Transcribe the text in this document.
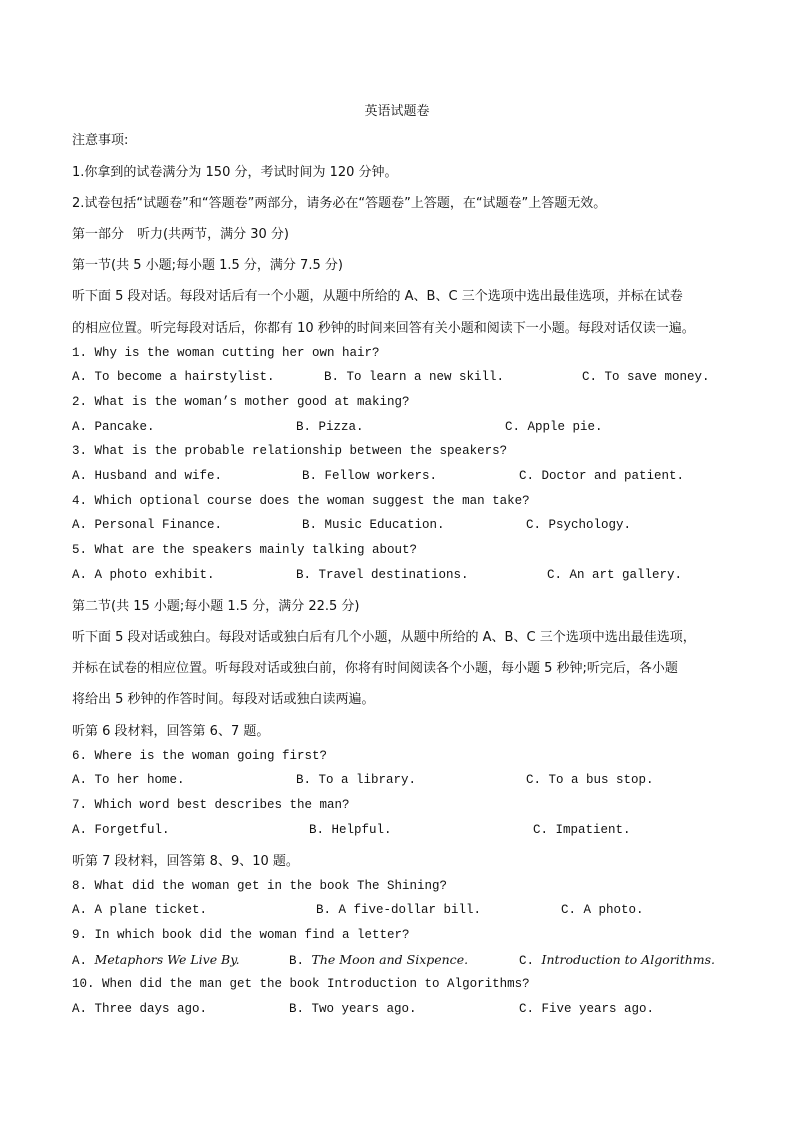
英语试题卷
注意事项:
1.你拿到的试卷满分为 150 分，考试时间为 120 分钟。
2.试卷包括“试题卷”和“答题卷”两部分，请务必在“答题卷”上答题，在“试题卷”上答题无效。
第一部分　听力(共两节，满分 30 分)
第一节(共 5 小题;每小题 1.5 分，满分 7.5 分)
听下面 5 段对话。每段对话后有一个小题，从题中所给的 A、B、C 三个选项中选出最佳选项，并标在试卷
的相应位置。听完每段对话后，你都有 10 秒钟的时间来回答有关小题和阅读下一小题。每段对话仅读一遍。
1. Why is the woman cutting her own hair?
A. To become a hairstylist.	B. To learn a new skill.	C. To save money.
2. What is the woman’s mother good at making?
A. Pancake.	B. Pizza.	C. Apple pie.
3. What is the probable relationship between the speakers?
A. Husband and wife.	B. Fellow workers.	C. Doctor and patient.
4. Which optional course does the woman suggest the man take?
A. Personal Finance.	B. Music Education.	C. Psychology.
5. What are the speakers mainly talking about?
A. A photo exhibit.	B. Travel destinations.	C. An art gallery.
第二节(共 15 小题;每小题 1.5 分，满分 22.5 分)
听下面 5 段对话或独白。每段对话或独白后有几个小题，从题中所给的 A、B、C 三个选项中选出最佳选项，
并标在试卷的相应位置。听每段对话或独白前，你将有时间阅读各个小题，每小题 5 秒钟;听完后，各小题
将给出 5 秒钟的作答时间。每段对话或独白读两遍。
听第 6 段材料，回答第 6、7 题。
6. Where is the woman going first?
A. To her home.	B. To a library.	C. To a bus stop.
7. Which word best describes the man?
A. Forgetful.	B. Helpful.	C. Impatient.
听第 7 段材料，回答第 8、9、10 题。
8. What did the woman get in the book The Shining?
A. A plane ticket.	B. A five-dollar bill.	C. A photo.
9. In which book did the woman find a letter?
A. Metaphors We Live By.	B. The Moon and Sixpence.	C. Introduction to Algorithms.
10. When did the man get the book Introduction to Algorithms?
A. Three days ago.	B. Two years ago.	C. Five years ago.
